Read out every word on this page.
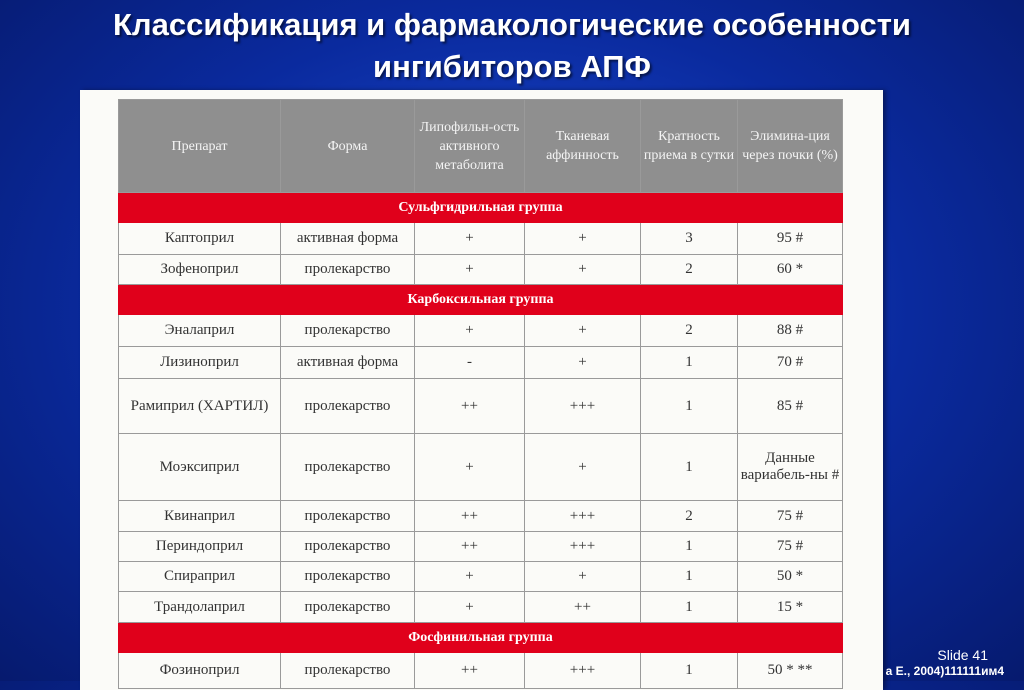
Классификация и фармакологические особенности
ингибиторов АПФ
Препарат	Форма	Липофильн-ость активного метаболита	Тканевая аффинность	Кратность приема в сутки	Элимина-ция через почки (%)
Сульфгидрильная группа					
Каптоприл	активная форма	+	+	3	95 #
Зофеноприл	пролекарство	+	+	2	60 *
Карбоксильная группа					
Эналаприл	пролекарство	+	+	2	88 #
Лизиноприл	активная форма	-	+	1	70 #
Рамиприл (ХАРТИЛ)	пролекарство	++	+++	1	85 #
Моэксиприл	пролекарство	+	+	1	Данные вариабель-ны #
Квинаприл	пролекарство	++	+++	2	75 #
Периндоприл	пролекарство	++	+++	1	75 #
Спираприл	пролекарство	+	+	1	50 *
Трандолаприл	пролекарство	+	++	1	15 *
Фосфинильная группа					
Фозиноприл	пролекарство	++	+++	1	50 * **
Slide 41
а Е., 2004)111111им4
